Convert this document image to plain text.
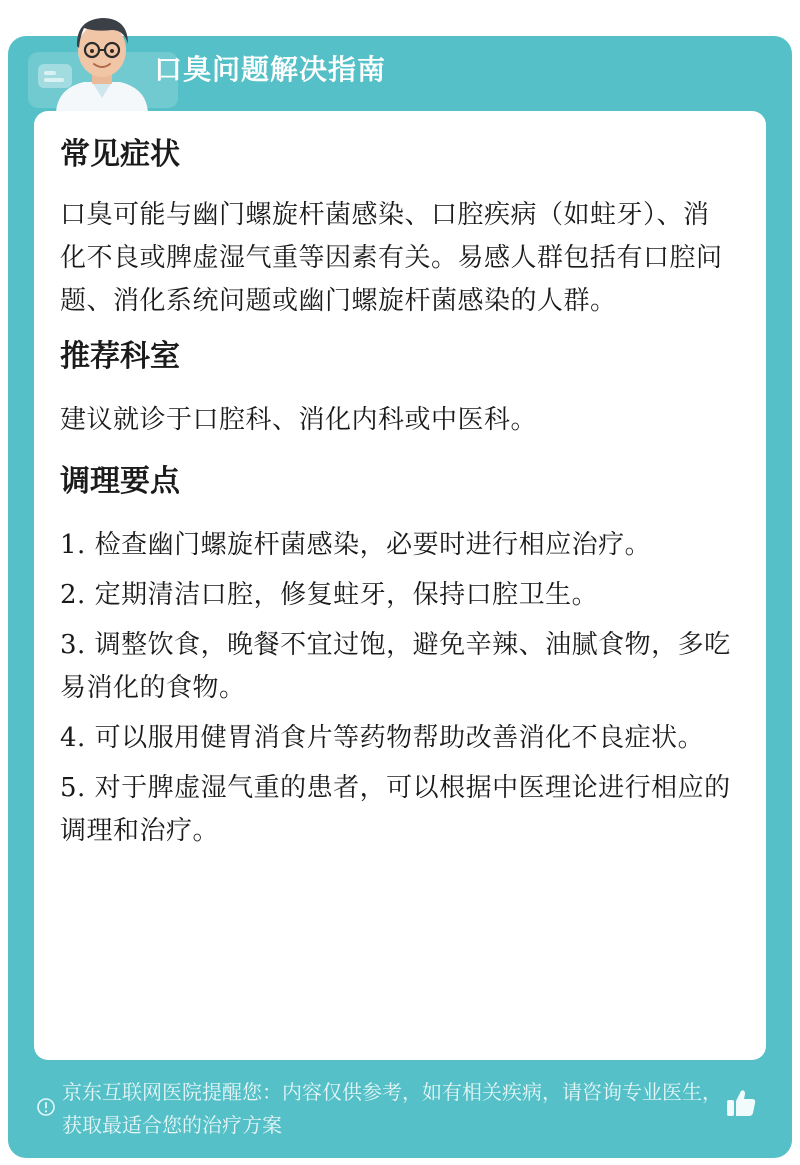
口臭问题解决指南
常见症状
口臭可能与幽门螺旋杆菌感染、口腔疾病（如蛀牙）、消化不良或脾虚湿气重等因素有关。易感人群包括有口腔问题、消化系统问题或幽门螺旋杆菌感染的人群。
推荐科室
建议就诊于口腔科、消化内科或中医科。
调理要点
1. 检查幽门螺旋杆菌感染，必要时进行相应治疗。
2. 定期清洁口腔，修复蛀牙，保持口腔卫生。
3. 调整饮食，晚餐不宜过饱，避免辛辣、油腻食物，多吃易消化的食物。
4. 可以服用健胃消食片等药物帮助改善消化不良症状。
5. 对于脾虚湿气重的患者，可以根据中医理论进行相应的调理和治疗。
京东互联网医院提醒您：内容仅供参考，如有相关疾病，请咨询专业医生，获取最适合您的治疗方案
